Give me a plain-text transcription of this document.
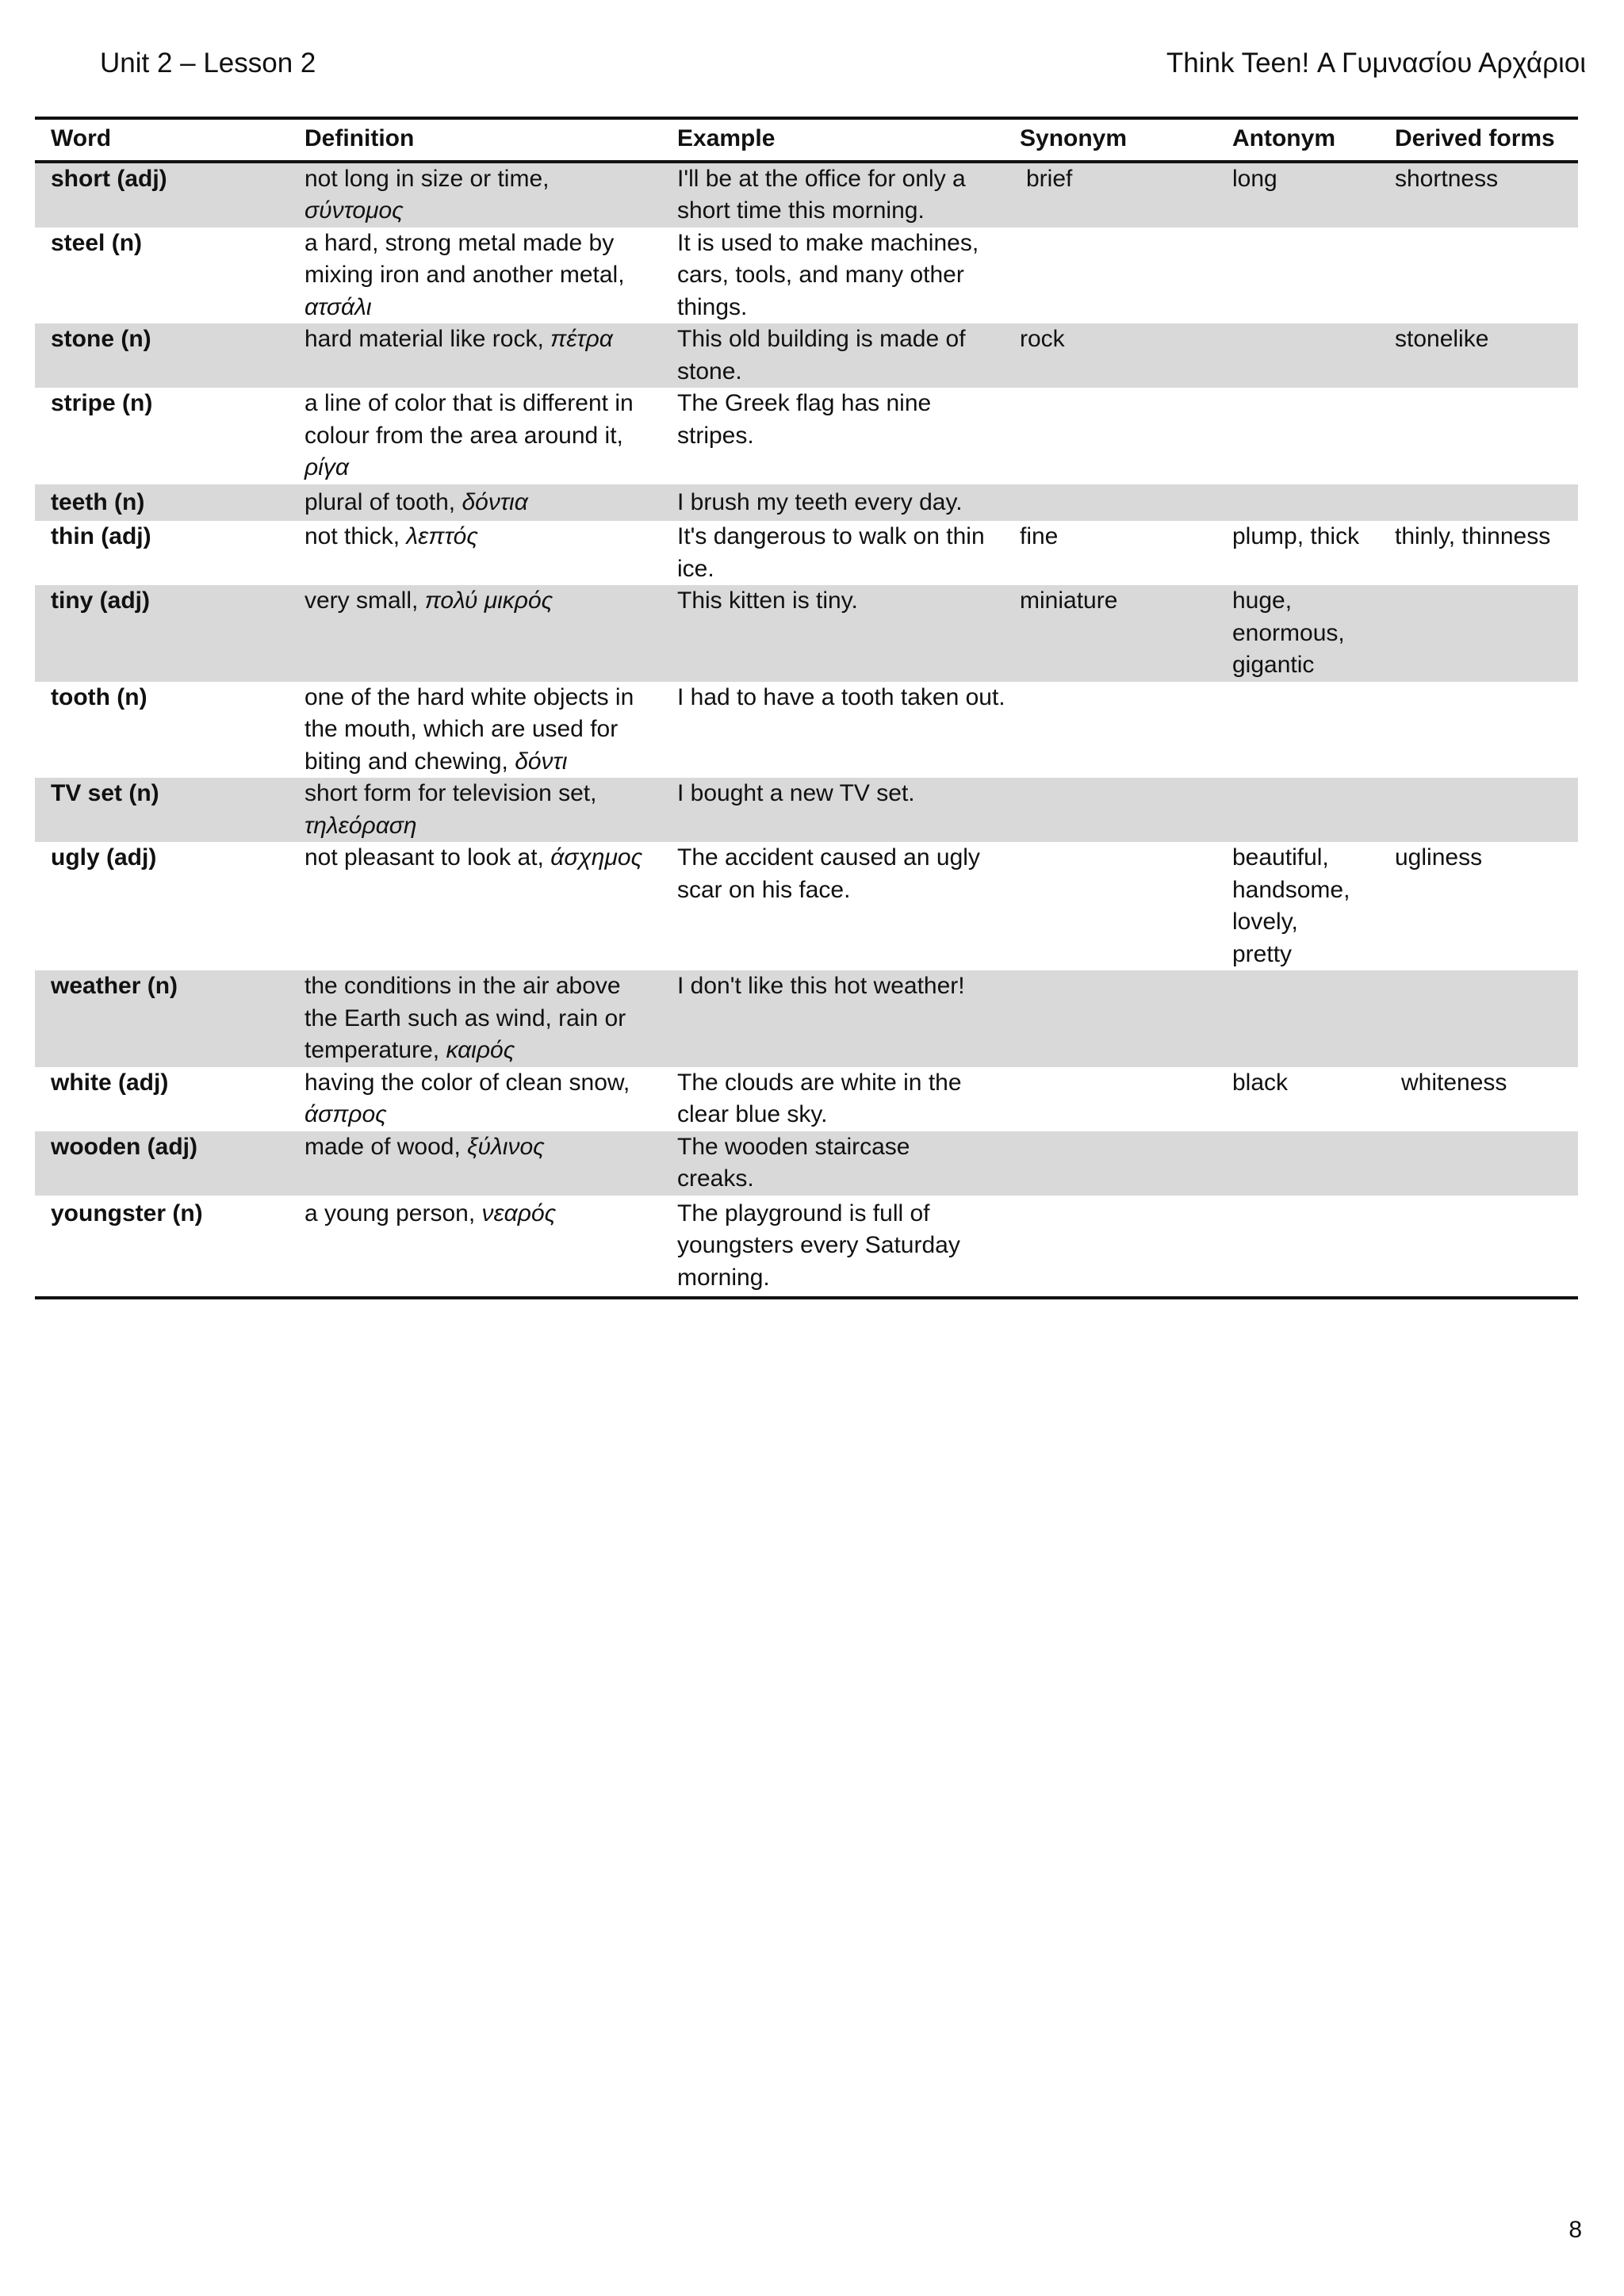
Unit 2 – Lesson 2	Think Teen! Α Γυμνασίου Αρχάριοι
Word	Definition	Example	Synonym	Antonym	Derived forms
short (adj)	not long in size or time, σύντομος	I'll be at the office for only a short time this morning.	brief	long	shortness
steel (n)	a hard, strong metal made by mixing iron and another metal, ατσάλι	It is used to make machines, cars, tools, and many other things.			
stone (n)	hard material like rock, πέτρα	This old building is made of stone.	rock		stonelike
stripe (n)	a line of color that is different in colour from the area around it, ρίγα	The Greek flag has nine stripes.			
teeth (n)	plural of tooth, δόντια	I brush my teeth every day.			
thin (adj)	not thick, λεπτός	It's dangerous to walk on thin ice.	fine	plump, thick	thinly, thinness
tiny (adj)	very small, πολύ μικρός	This kitten is tiny.	miniature	huge, enormous, gigantic	
tooth (n)	one of the hard white objects in the mouth, which are used for biting and chewing, δόντι	I had to have a tooth taken out.			
TV set (n)	short form for television set, τηλεόραση	I bought a new TV set.			
ugly (adj)	not pleasant to look at, άσχημος	The accident caused an ugly scar on his face.		beautiful, handsome, lovely, pretty	ugliness
weather (n)	the conditions in the air above the Earth such as wind, rain or temperature, καιρός	I don't like this hot weather!			
white (adj)	having the color of clean snow, άσπρος	The clouds are white in the clear blue sky.		black	whiteness
wooden (adj)	made of wood, ξύλινος	The wooden staircase creaks.			
youngster (n)	a young person, νεαρός	The playground is full of youngsters every Saturday morning.			
8
